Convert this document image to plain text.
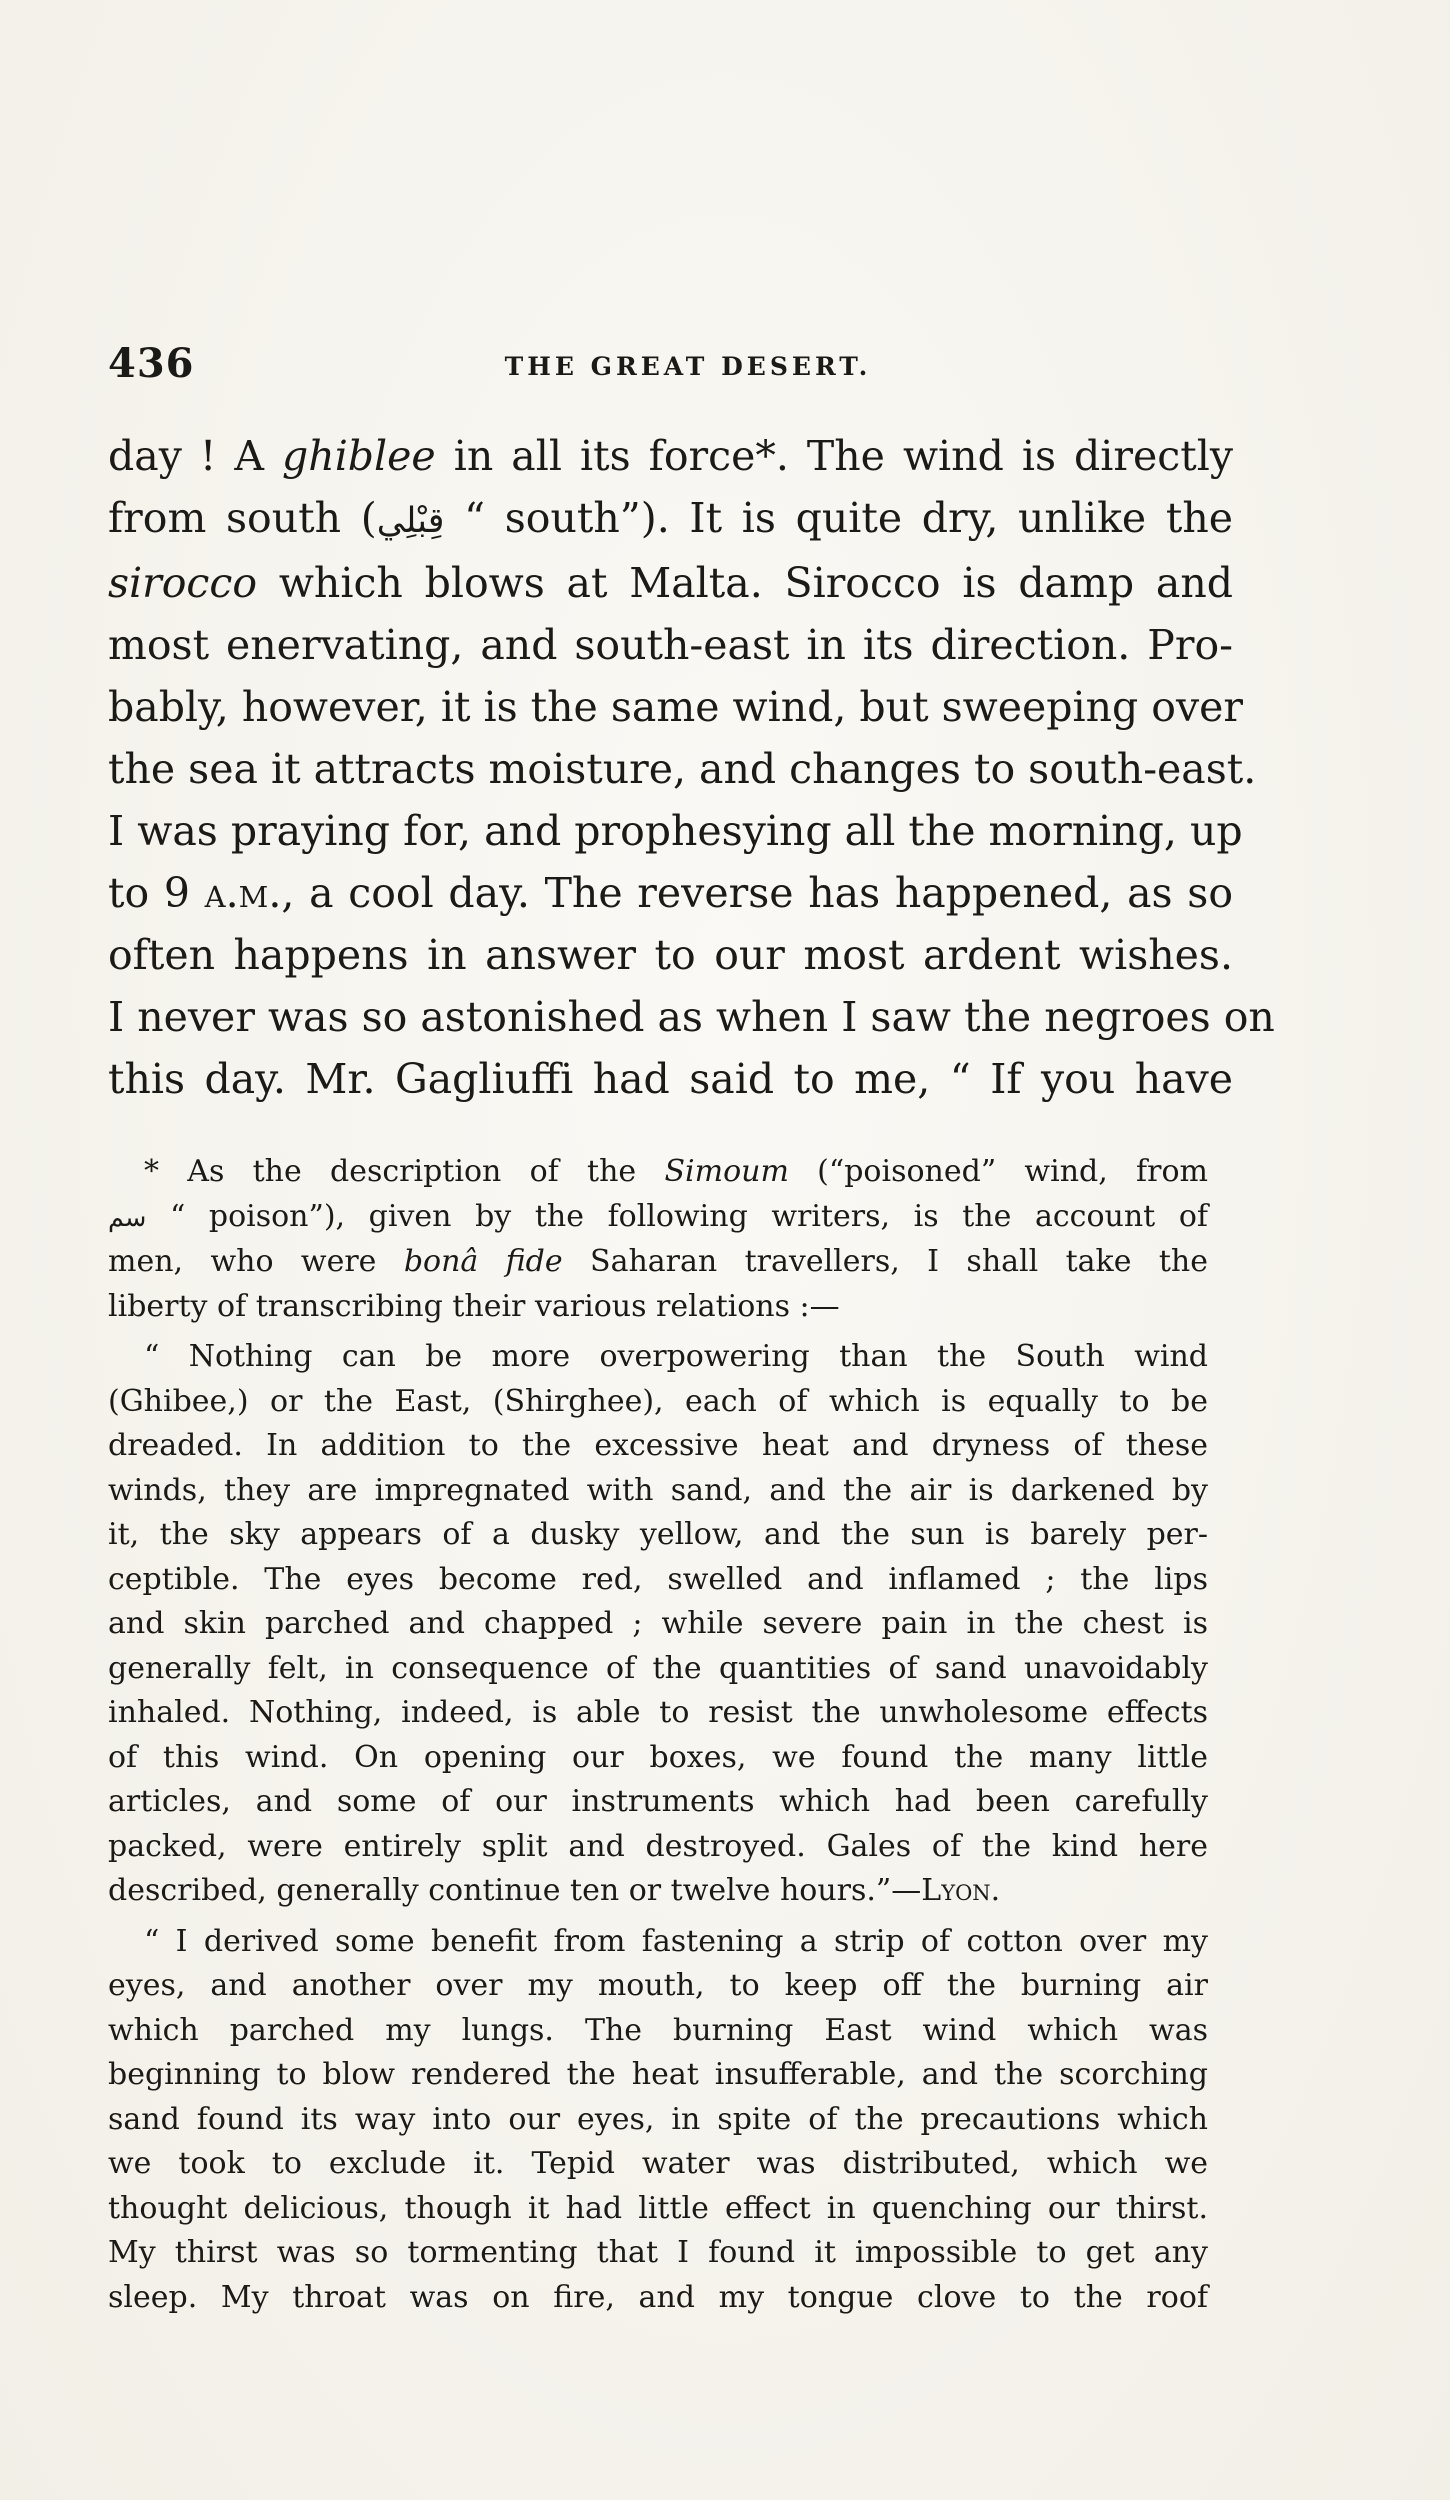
436	THE GREAT DESERT.
day ! A ghiblee in all its force*. The wind is directly
from south (قِبْلِي “ south”). It is quite dry, unlike the
sirocco which blows at Malta. Sirocco is damp and
most enervating, and south-east in its direction. Pro-
bably, however, it is the same wind, but sweeping over
the sea it attracts moisture, and changes to south-east.
I was praying for, and prophesying all the morning, up
to 9 a.m., a cool day. The reverse has happened, as so
often happens in answer to our most ardent wishes.
I never was so astonished as when I saw the negroes on
this day. Mr. Gagliuffi had said to me, “ If you have
* As the description of the Simoum (“poisoned” wind, from
سم “ poison”), given by the following writers, is the account of
men, who were bonâ fide Saharan travellers, I shall take the
liberty of transcribing their various relations :—
“ Nothing can be more overpowering than the South wind
(Ghibee,) or the East, (Shirghee), each of which is equally to be
dreaded. In addition to the excessive heat and dryness of these
winds, they are impregnated with sand, and the air is darkened by
it, the sky appears of a dusky yellow, and the sun is barely per-
ceptible. The eyes become red, swelled and inflamed ; the lips
and skin parched and chapped ; while severe pain in the chest is
generally felt, in consequence of the quantities of sand unavoidably
inhaled. Nothing, indeed, is able to resist the unwholesome effects
of this wind. On opening our boxes, we found the many little
articles, and some of our instruments which had been carefully
packed, were entirely split and destroyed. Gales of the kind here
described, generally continue ten or twelve hours.”—Lyon.
“ I derived some benefit from fastening a strip of cotton over my
eyes, and another over my mouth, to keep off the burning air
which parched my lungs. The burning East wind which was
beginning to blow rendered the heat insufferable, and the scorching
sand found its way into our eyes, in spite of the precautions which
we took to exclude it. Tepid water was distributed, which we
thought delicious, though it had little effect in quenching our thirst.
My thirst was so tormenting that I found it impossible to get any
sleep. My throat was on fire, and my tongue clove to the roof
